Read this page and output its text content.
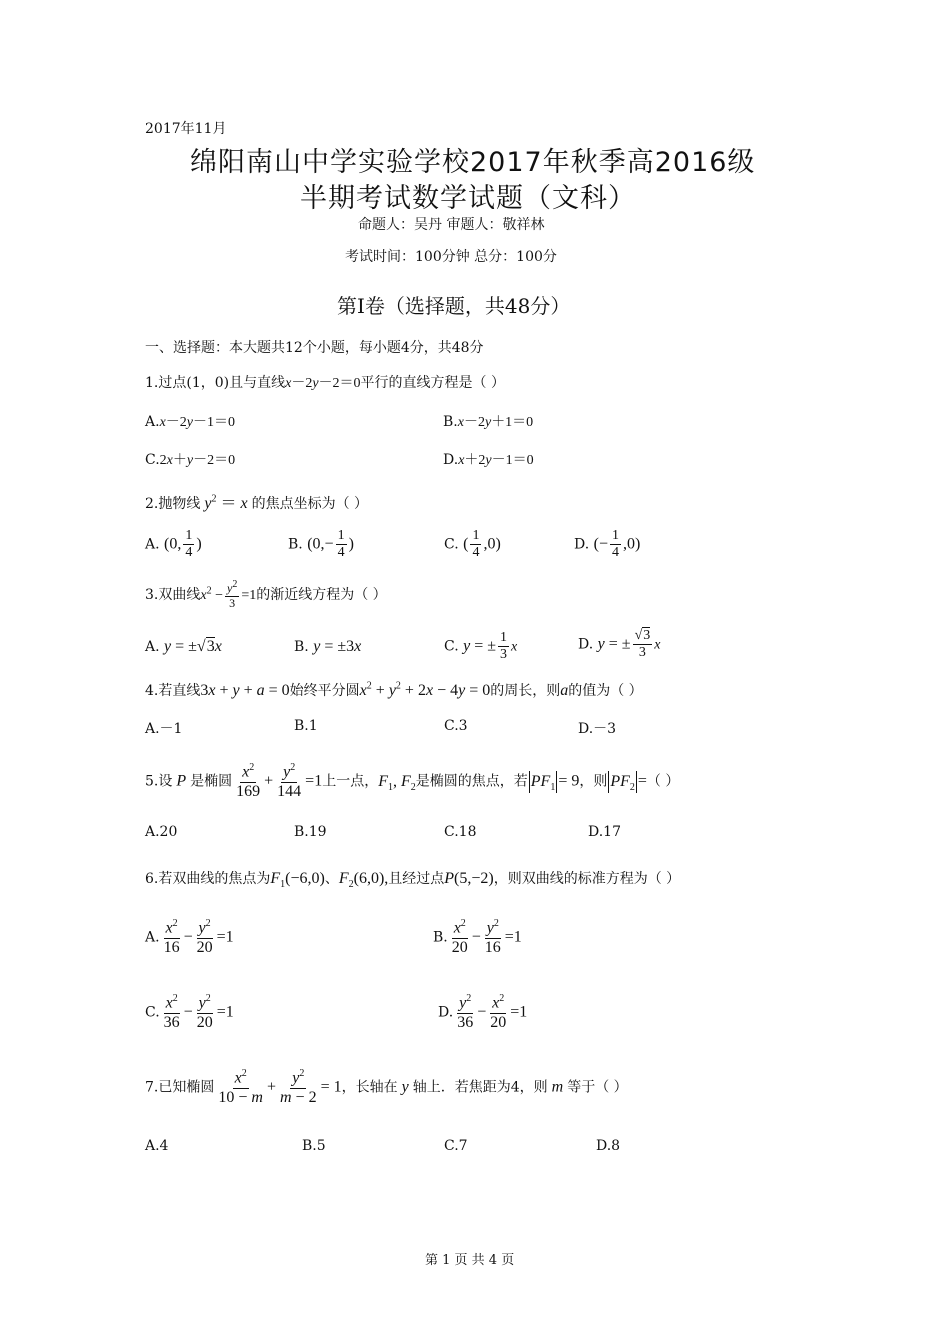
2017年11月
绵阳南山中学实验学校2017年秋季高2016级
半期考试数学试题（文科）
命题人：吴丹 审题人：敬祥林
考试时间：100分钟 总分：100分
第Ⅰ卷（选择题，共48分）
一、选择题：本大题共12个小题，每小题4分，共48分
1.过点(1，0)且与直线x－2y－2＝0平行的直线方程是（ ）
A.x－2y－1＝0	B.x－2y＋1＝0
C.2x＋y－2＝0	D.x＋2y－1＝0
2.抛物线 $y^2 = x$ 的焦点坐标为（ ）
A. (0, $\frac{1}{4}$ )	B. ($0,- \frac{1}{4}$ )	C. ( $\frac{1}{4} ,0$)	D. (− $\frac{1}{4} ,0$)
3.双曲线$x^2 - \frac{y^2}{3} =1$的渐近线方程为（ ）
A. y = ±√3x	B. y = ±3x	C. y = ± $\frac{1}{3}$ x	D. y = ± $\frac{√3}{3}$ x
4.若直线3x + y + a = 0始终平分圆$x^2 + y^2 + 2x - 4y = 0$的周长，则a的值为（ ）
A.－1	B.1	C.3	D.－3
5.设 P 是椭圆 $\frac{x^2}{169} + \frac{y^2}{144} =1$上一点，$F_1$, $F_2$是椭圆的焦点，若 $PF_1 = 9$，则 $PF_2$ =（ ）
A.20	B.19	C.18	D.17
6.若双曲线的焦点为$F_1(-6,0)$、$F_2(6,0)$,且经过点P(5,−2)，则双曲线的标准方程为（ ）
A. $\frac{x^2}{16} - \frac{y^2}{20} =1$	B. $\frac{x^2}{20} - \frac{y^2}{16} =1$
C. $\frac{x^2}{36} - \frac{y^2}{20} =1$	D. $\frac{y^2}{36} - \frac{x^2}{20} =1$
7.已知椭圆 $\frac{x^2}{10 - m} + \frac{y^2}{m - 2} = 1$，长轴在 y 轴上．若焦距为4，则 m 等于（ ）
A.4	B.5	C.7	D.8
第 1 页 共 4 页
